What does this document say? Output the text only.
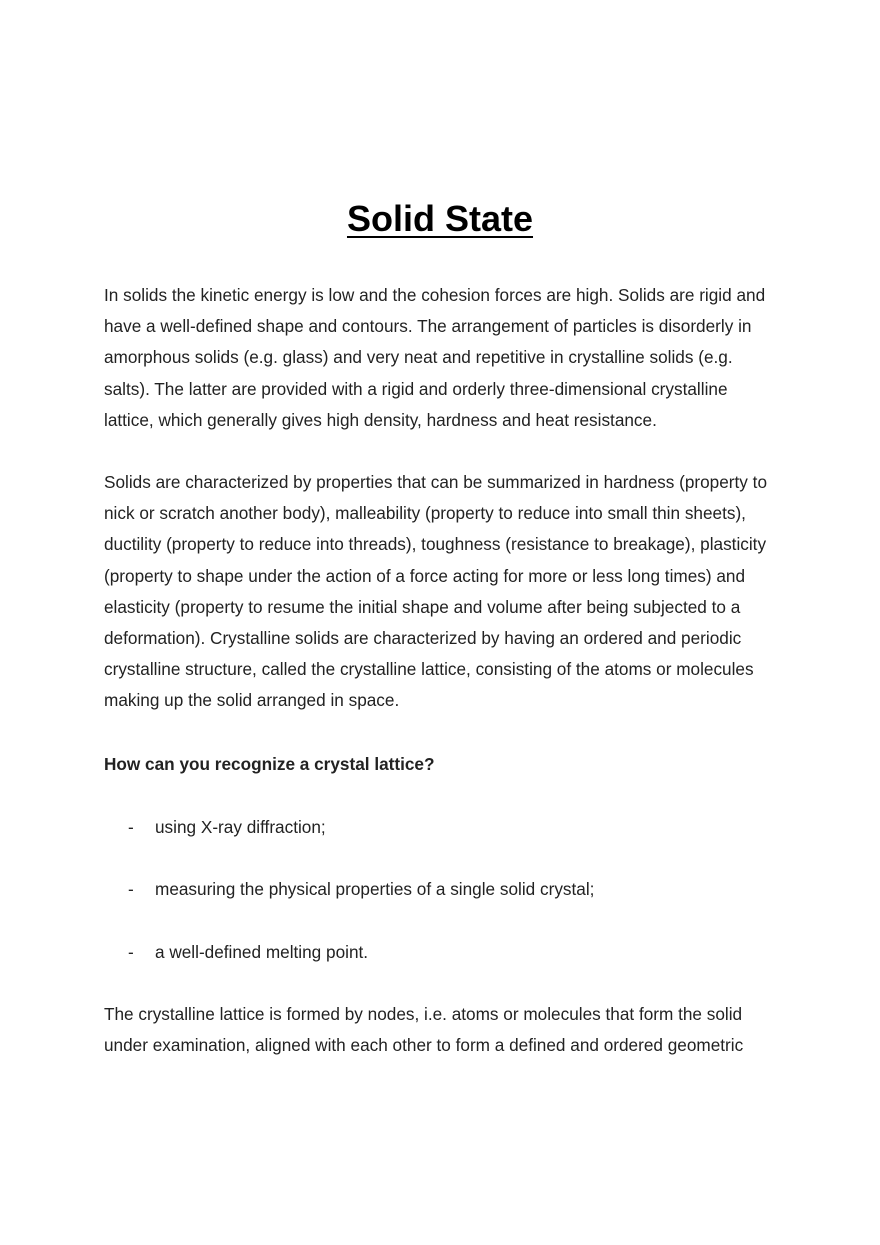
Solid State

In solids the kinetic energy is low and the cohesion forces are high. Solids are rigid and have a well-defined shape and contours. The arrangement of particles is disorderly in amorphous solids (e.g. glass) and very neat and repetitive in crystalline solids (e.g. salts). The latter are provided with a rigid and orderly three-dimensional crystalline lattice, which generally gives high density, hardness and heat resistance.

Solids are characterized by properties that can be summarized in hardness (property to nick or scratch another body), malleability (property to reduce into small thin sheets), ductility (property to reduce into threads), toughness (resistance to breakage), plasticity (property to shape under the action of a force acting for more or less long times) and elasticity (property to resume the initial shape and volume after being subjected to a deformation). Crystalline solids are characterized by having an ordered and periodic crystalline structure, called the crystalline lattice, consisting of the atoms or molecules making up the solid arranged in space.

How can you recognize a crystal lattice?

- using X-ray diffraction;
- measuring the physical properties of a single solid crystal;
- a well-defined melting point.

The crystalline lattice is formed by nodes, i.e. atoms or molecules that form the solid under examination, aligned with each other to form a defined and ordered geometric
